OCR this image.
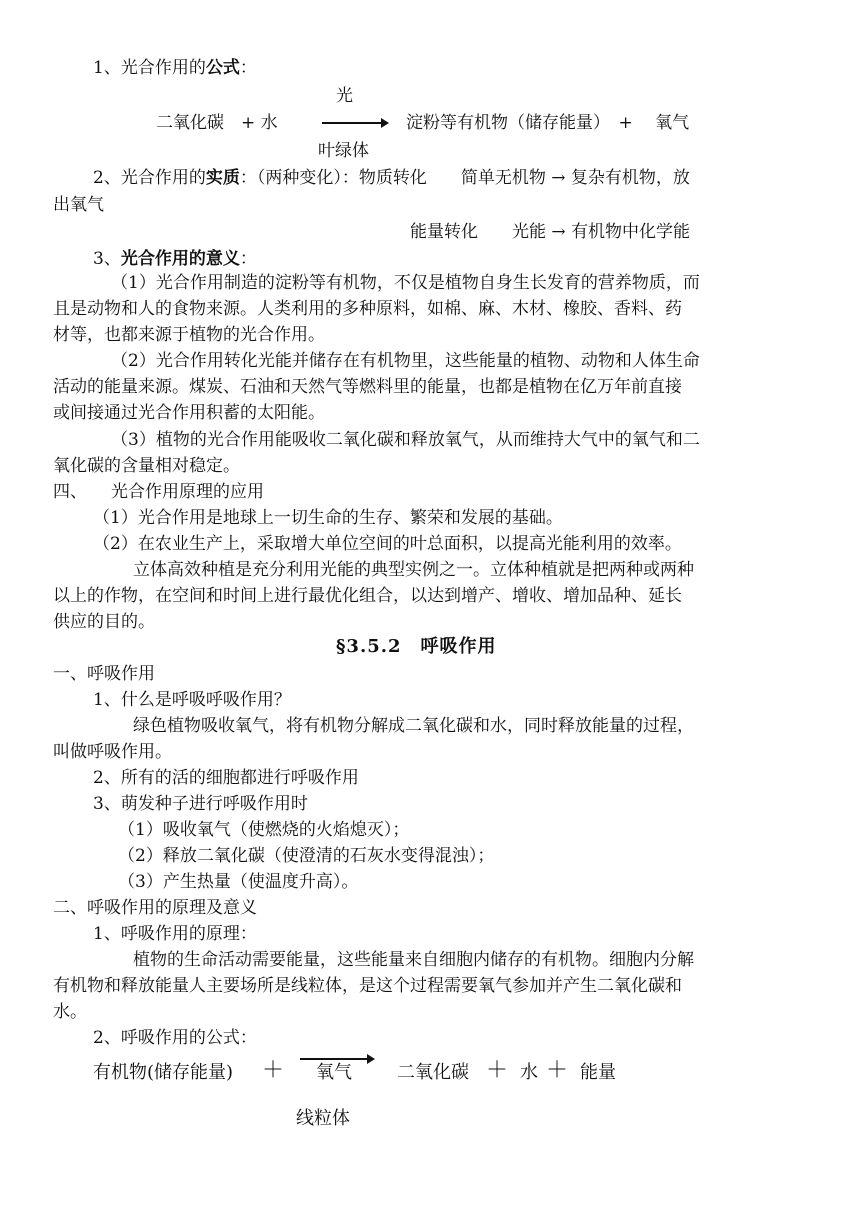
1、光合作用的公式：
光
二氧化碳　+ 水	淀粉等有机物（储存能量）　+　 氧气
叶绿体
2、光合作用的实质：（两种变化）：物质转化　　简单无机物 → 复杂有机物，放
出氧气
能量转化　　光能 → 有机物中化学能
3、光合作用的意义：
（1）光合作用制造的淀粉等有机物，不仅是植物自身生长发育的营养物质，而
且是动物和人的食物来源。人类利用的多种原料，如棉、麻、木材、橡胶、香料、药
材等，也都来源于植物的光合作用。
（2）光合作用转化光能并储存在有机物里，这些能量的植物、动物和人体生命
活动的能量来源。煤炭、石油和天然气等燃料里的能量，也都是植物在亿万年前直接
或间接通过光合作用积蓄的太阳能。
（3）植物的光合作用能吸收二氧化碳和释放氧气，从而维持大气中的氧气和二
氧化碳的含量相对稳定。
四、 光合作用原理的应用
（1）光合作用是地球上一切生命的生存、繁荣和发展的基础。
（2）在农业生产上，采取增大单位空间的叶总面积，以提高光能利用的效率。
立体高效种植是充分利用光能的典型实例之一。立体种植就是把两种或两种
以上的作物，在空间和时间上进行最优化组合，以达到增产、增收、增加品种、延长
供应的目的。
§3.5.2　呼吸作用
一、呼吸作用
1、什么是呼吸呼吸作用？
绿色植物吸收氧气，将有机物分解成二氧化碳和水，同时释放能量的过程，
叫做呼吸作用。
2、所有的活的细胞都进行呼吸作用
3、萌发种子进行呼吸作用时
（1）吸收氧气（使燃烧的火焰熄灭）；
（2）释放二氧化碳（使澄清的石灰水变得混浊）；
（3）产生热量（使温度升高）。
二、呼吸作用的原理及意义
1、呼吸作用的原理：
植物的生命活动需要能量，这些能量来自细胞内储存的有机物。细胞内分解
有机物和释放能量人主要场所是线粒体，是这个过程需要氧气参加并产生二氧化碳和
水。
2、呼吸作用的公式：
有机物(储存能量) ＋ 氧气	二氧化碳 ＋ 水 ＋ 能量
线粒体
